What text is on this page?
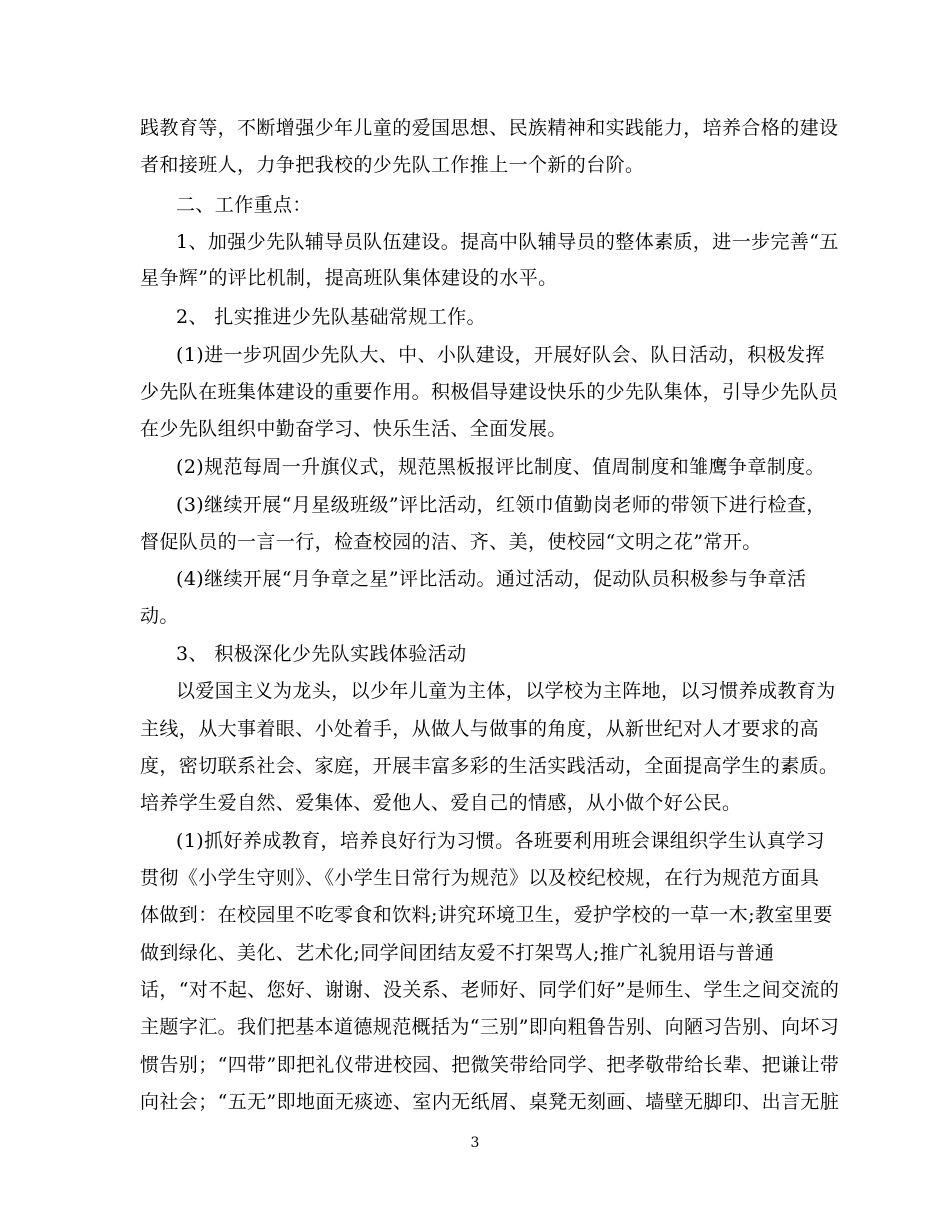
践教育等，不断增强少年儿童的爱国思想、民族精神和实践能力，培养合格的建设
者和接班人，力争把我校的少先队工作推上一个新的台阶。
二、工作重点：
1、加强少先队辅导员队伍建设。提高中队辅导员的整体素质，进一步完善“五
星争辉”的评比机制，提高班队集体建设的水平。
2、 扎实推进少先队基础常规工作。
(1)进一步巩固少先队大、中、小队建设，开展好队会、队日活动，积极发挥
少先队在班集体建设的重要作用。积极倡导建设快乐的少先队集体，引导少先队员
在少先队组织中勤奋学习、快乐生活、全面发展。
(2)规范每周一升旗仪式，规范黑板报评比制度、值周制度和雏鹰争章制度。
(3)继续开展“月星级班级”评比活动，红领巾值勤岗老师的带领下进行检查，
督促队员的一言一行，检查校园的洁、齐、美，使校园“文明之花”常开。
(4)继续开展“月争章之星”评比活动。通过活动，促动队员积极参与争章活
动。
3、 积极深化少先队实践体验活动
以爱国主义为龙头，以少年儿童为主体，以学校为主阵地，以习惯养成教育为
主线，从大事着眼、小处着手，从做人与做事的角度，从新世纪对人才要求的高
度，密切联系社会、家庭，开展丰富多彩的生活实践活动，全面提高学生的素质。
培养学生爱自然、爱集体、爱他人、爱自己的情感，从小做个好公民。
(1)抓好养成教育，培养良好行为习惯。各班要利用班会课组织学生认真学习
贯彻《小学生守则》、《小学生日常行为规范》以及校纪校规，在行为规范方面具
体做到：在校园里不吃零食和饮料;讲究环境卫生，爱护学校的一草一木;教室里要
做到绿化、美化、艺术化;同学间团结友爱不打架骂人;推广礼貌用语与普通
话，“对不起、您好、谢谢、没关系、老师好、同学们好”是师生、学生之间交流的
主题字汇。我们把基本道德规范概括为“三别”即向粗鲁告别、向陋习告别、向坏习
惯告别；“四带”即把礼仪带进校园、把微笑带给同学、把孝敬带给长辈、把谦让带
向社会；“五无”即地面无痰迹、室内无纸屑、桌凳无刻画、墙壁无脚印、出言无脏
3
